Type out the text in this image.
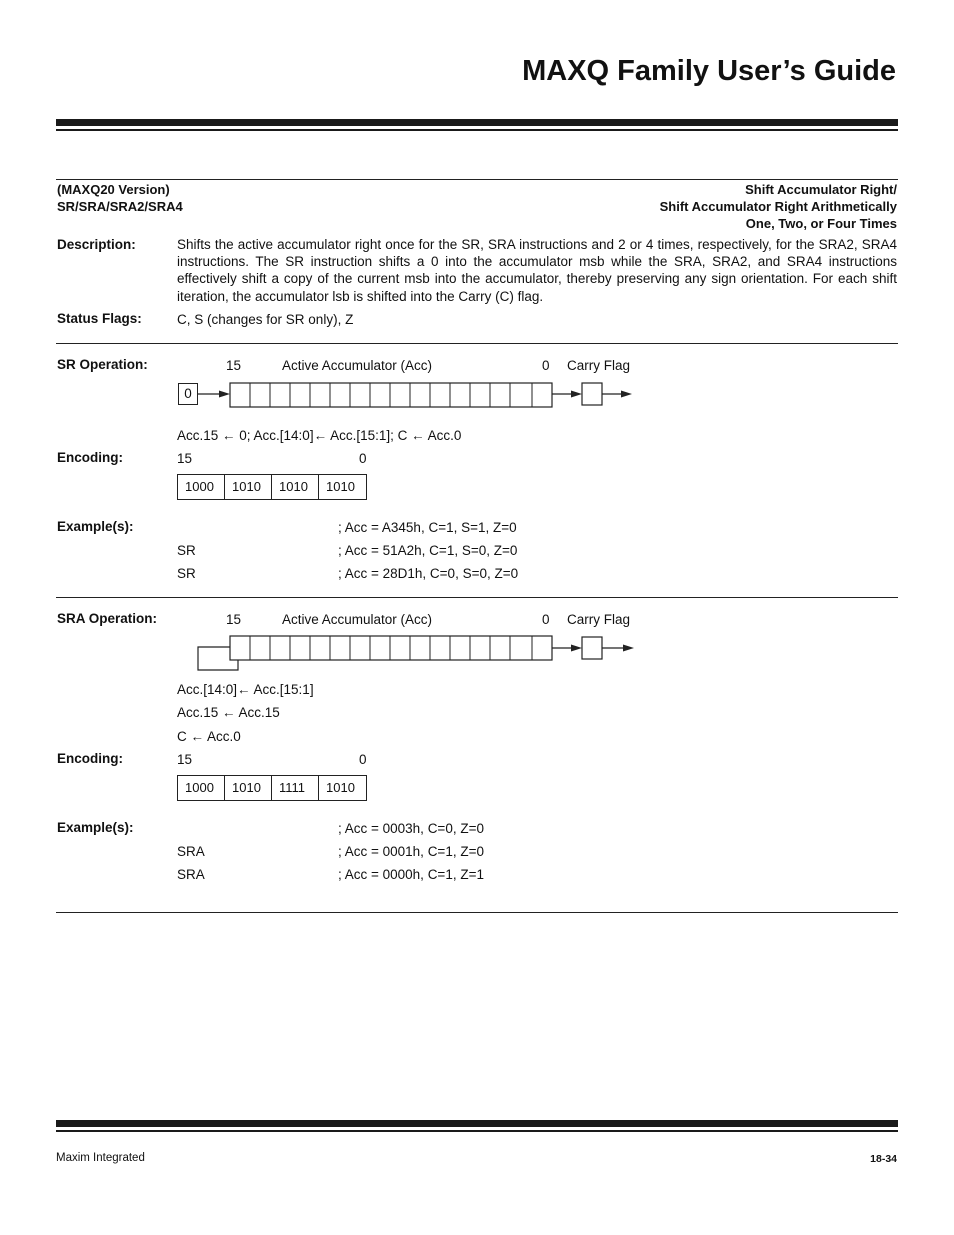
MAXQ Family User’s Guide
(MAXQ20 Version)
SR/SRA/SRA2/SRA4
Shift Accumulator Right/
Shift Accumulator Right Arithmetically
One, Two, or Four Times
Description:	Shifts the active accumulator right once for the SR, SRA instructions and 2 or 4 times, respectively, for the SRA2, SRA4 instructions. The SR instruction shifts a 0 into the accumulator msb while the SRA, SRA2, and SRA4 instructions effectively shift a copy of the current msb into the accumulator, thereby preserving any sign orientation. For each shift iteration, the accumulator lsb is shifted into the Carry (C) flag.
Status Flags:	C, S (changes for SR only), Z
SR Operation:	15	Active Accumulator (Acc)	0 Carry Flag
0
Acc.15 ← 0; Acc.[14:0]← Acc.[15:1]; C ← Acc.0
Encoding:	15	0
1000	1010	1010	1010
Example(s):	; Acc = A345h, C=1, S=1, Z=0
SR	; Acc = 51A2h, C=1, S=0, Z=0
SR	; Acc = 28D1h, C=0, S=0, Z=0
SRA Operation:	15	Active Accumulator (Acc)	0 Carry Flag
Acc.[14:0]← Acc.[15:1]
Acc.15 ← Acc.15
C ← Acc.0
Encoding:	15	0
1000	1010	1111	1010
Example(s):	; Acc = 0003h, C=0, Z=0
SRA	; Acc = 0001h, C=1, Z=0
SRA	; Acc = 0000h, C=1, Z=1
Maxim Integrated	18-34
